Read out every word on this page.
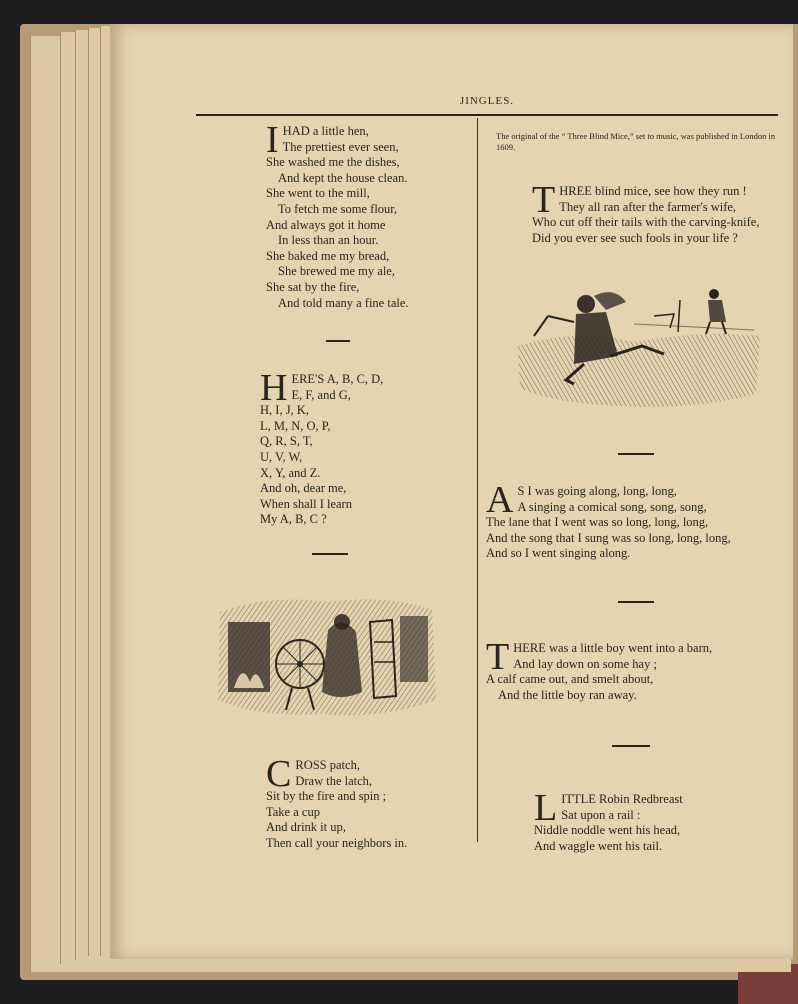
JINGLES.
I HAD a little hen,
The prettiest ever seen,
She washed me the dishes,
And kept the house clean.
She went to the mill,
To fetch me some flour,
And always got it home
In less than an hour.
She baked me my bread,
She brewed me my ale,
She sat by the fire,
And told many a fine tale.
H ERE'S A, B, C, D,
E, F, and G,
H, I, J, K,
L, M, N, O, P,
Q, R, S, T,
U, V, W,
X, Y, and Z.
And oh, dear me,
When shall I learn
My A, B, C ?
C ROSS patch,
Draw the latch,
Sit by the fire and spin ;
Take a cup
And drink it up,
Then call your neighbors in.
The original of the “ Three Blind Mice,” set to music, was published in London in 1609.
T HREE blind mice, see how they run !
They all ran after the farmer's wife,
Who cut off their tails with the carving-knife,
Did you ever see such fools in your life ?
A S I was going along, long, long,
A singing a comical song, song, song,
The lane that I went was so long, long, long,
And the song that I sung was so long, long, long,
And so I went singing along.
T HERE was a little boy went into a barn,
And lay down on some hay ;
A calf came out, and smelt about,
And the little boy ran away.
L ITTLE Robin Redbreast
Sat upon a rail :
Niddle noddle went his head,
And waggle went his tail.
